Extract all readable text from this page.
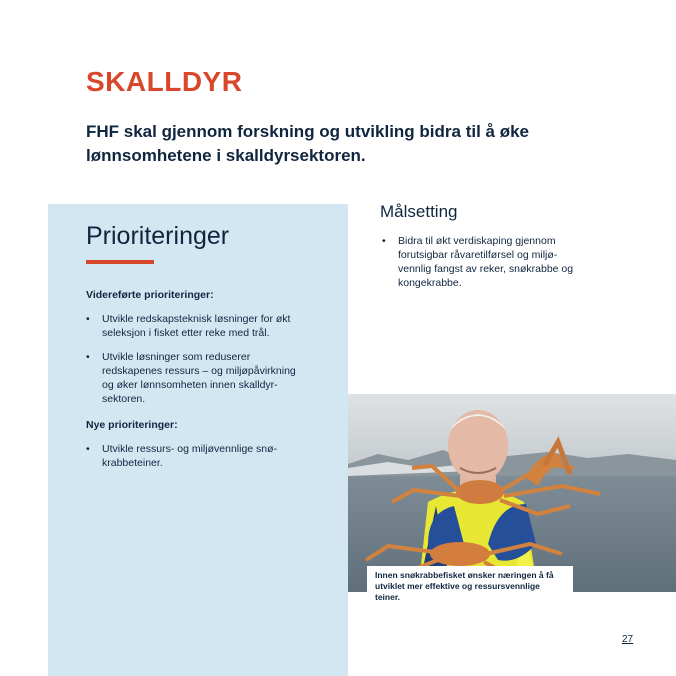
SKALLDYR

FHF skal gjennom forskning og utvikling bidra til å øke lønnsomhetene i skalldyrsektoren.

Prioriteringer

Videreførte prioriteringer:

• Utvikle redskapsteknisk løsninger for økt seleksjon i fisket etter reke med trål.
• Utvikle løsninger som reduserer redskapenes ressurs – og miljøpåvirkning og øker lønnsomheten innen skalldyr-sektoren.

Nye prioriteringer:

• Utvikle ressurs- og miljøvennlige snø-krabbeteiner.
Målsetting
• Bidra til økt verdiskaping gjennom forutsigbar råvaretilførsel og miljø-vennlig fangst av reker, snøkrabbe og kongekrabbe.
Innen snøkrabbefisket ønsker næringen å få utviklet mer effektive og ressursvennlige teiner.
27
